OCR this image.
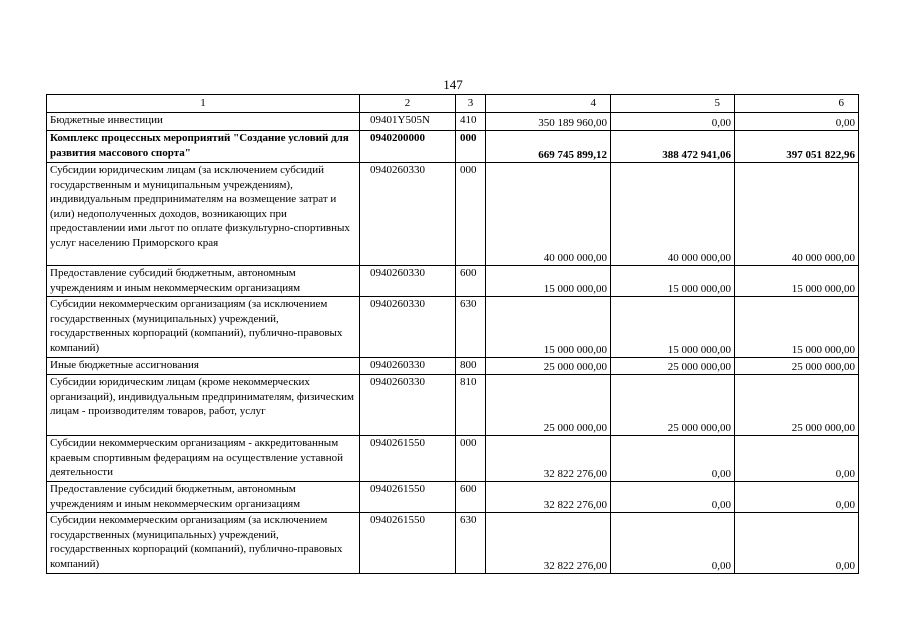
147
1	2	3	4	5	6
Бюджетные инвестиции	09401Y505N	410	350 189 960,00	0,00	0,00
Комплекс процессных мероприятий "Создание условий для развития массового спорта"	0940200000	000	669 745 899,12	388 472 941,06	397 051 822,96
Субсидии юридическим лицам (за исключением субсидий государственным и муниципальным учреждениям), индивидуальным предпринимателям на возмещение затрат и (или) недополученных доходов, возникающих при предоставлении ими льгот по оплате физкультурно-спортивных услуг населению Приморского края	0940260330	000	40 000 000,00	40 000 000,00	40 000 000,00
Предоставление субсидий бюджетным, автономным учреждениям и иным некоммерческим организациям	0940260330	600	15 000 000,00	15 000 000,00	15 000 000,00
Субсидии некоммерческим организациям (за исключением государственных (муниципальных) учреждений, государственных корпораций (компаний), публично-правовых компаний)	0940260330	630	15 000 000,00	15 000 000,00	15 000 000,00
Иные бюджетные ассигнования	0940260330	800	25 000 000,00	25 000 000,00	25 000 000,00
Субсидии юридическим лицам (кроме некоммерческих организаций), индивидуальным предпринимателям, физическим лицам - производителям товаров, работ, услуг	0940260330	810	25 000 000,00	25 000 000,00	25 000 000,00
Субсидии некоммерческим организациям - аккредитованным краевым спортивным федерациям на осуществление уставной деятельности	0940261550	000	32 822 276,00	0,00	0,00
Предоставление субсидий бюджетным, автономным учреждениям и иным некоммерческим организациям	0940261550	600	32 822 276,00	0,00	0,00
Субсидии некоммерческим организациям (за исключением государственных (муниципальных) учреждений, государственных корпораций (компаний), публично-правовых компаний)	0940261550	630	32 822 276,00	0,00	0,00
